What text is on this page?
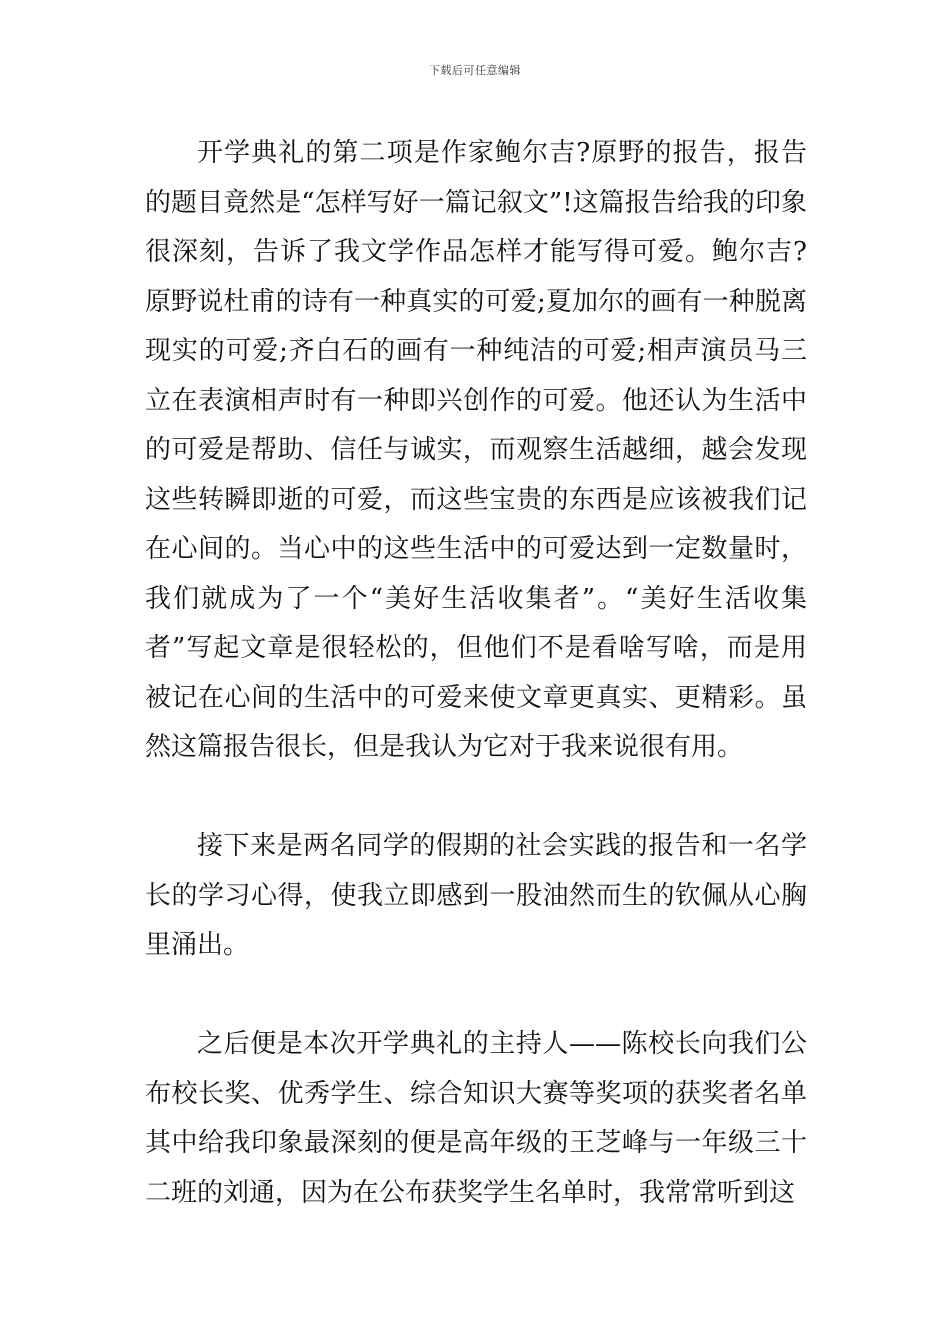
下载后可任意编辑

开学典礼的第二项是作家鲍尔吉?原野的报告，报告的题目竟然是“怎样写好一篇记叙文”!这篇报告给我的印象很深刻，告诉了我文学作品怎样才能写得可爱。鲍尔吉?原野说杜甫的诗有一种真实的可爱;夏加尔的画有一种脱离现实的可爱;齐白石的画有一种纯洁的可爱;相声演员马三立在表演相声时有一种即兴创作的可爱。他还认为生活中的可爱是帮助、信任与诚实，而观察生活越细，越会发现这些转瞬即逝的可爱，而这些宝贵的东西是应该被我们记在心间的。当心中的这些生活中的可爱达到一定数量时，我们就成为了一个“美好生活收集者”。“美好生活收集者”写起文章是很轻松的，但他们不是看啥写啥，而是用被记在心间的生活中的可爱来使文章更真实、更精彩。虽然这篇报告很长，但是我认为它对于我来说很有用。

接下来是两名同学的假期的社会实践的报告和一名学长的学习心得，使我立即感到一股油然而生的钦佩从心胸里涌出。

之后便是本次开学典礼的主持人——陈校长向我们公布校长奖、优秀学生、综合知识大赛等奖项的获奖者名单其中给我印象最深刻的便是高年级的王芝峰与一年级三十二班的刘通，因为在公布获奖学生名单时，我常常听到这
